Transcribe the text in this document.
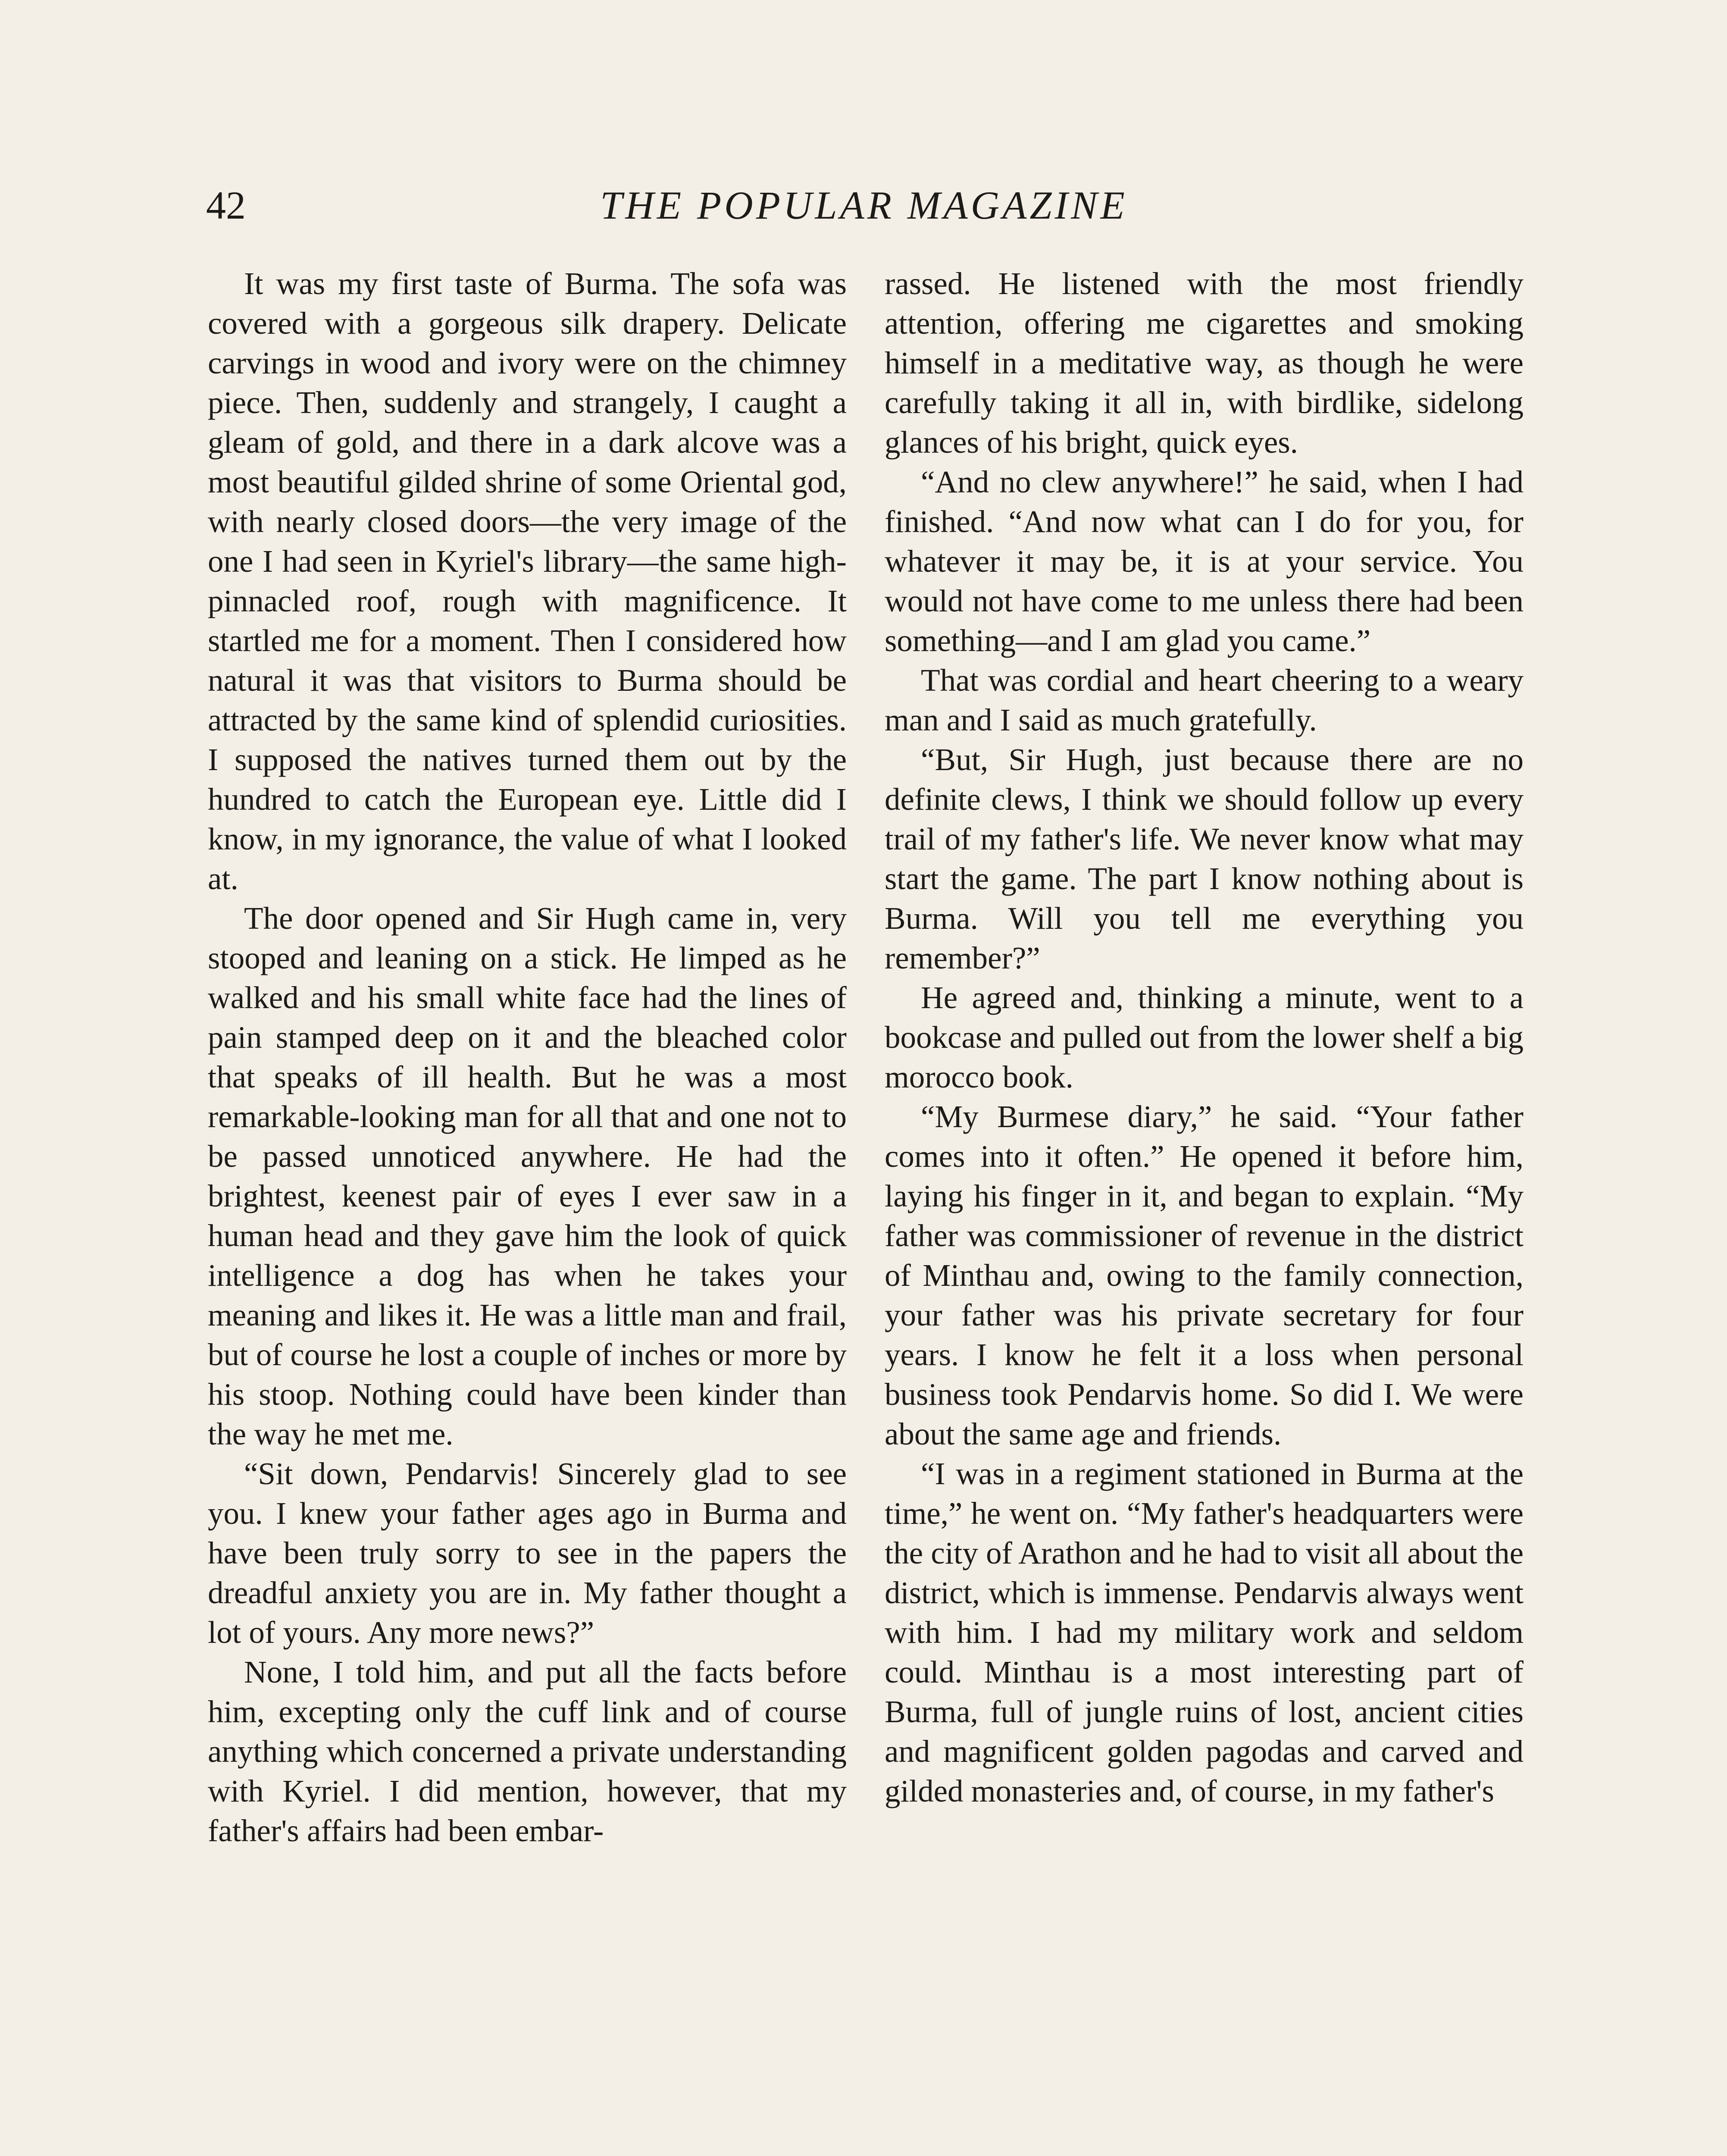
42	THE POPULAR MAGAZINE

It was my first taste of Burma. The sofa was covered with a gorgeous silk drapery. Delicate carvings in wood and ivory were on the chimney piece. Then, suddenly and strangely, I caught a gleam of gold, and there in a dark alcove was a most beautiful gilded shrine of some Oriental god, with nearly closed doors—the very image of the one I had seen in Kyriel's library—the same high-pinnacled roof, rough with magnificence. It startled me for a moment. Then I considered how natural it was that visitors to Burma should be attracted by the same kind of splendid curiosities. I supposed the natives turned them out by the hundred to catch the European eye. Little did I know, in my ignorance, the value of what I looked at.

The door opened and Sir Hugh came in, very stooped and leaning on a stick. He limped as he walked and his small white face had the lines of pain stamped deep on it and the bleached color that speaks of ill health. But he was a most remarkable-looking man for all that and one not to be passed unnoticed anywhere. He had the brightest, keenest pair of eyes I ever saw in a human head and they gave him the look of quick intelligence a dog has when he takes your meaning and likes it. He was a little man and frail, but of course he lost a couple of inches or more by his stoop. Nothing could have been kinder than the way he met me.

“Sit down, Pendarvis! Sincerely glad to see you. I knew your father ages ago in Burma and have been truly sorry to see in the papers the dreadful anxiety you are in. My father thought a lot of yours. Any more news?”

None, I told him, and put all the facts before him, excepting only the cuff link and of course anything which concerned a private understanding with Kyriel. I did mention, however, that my father's affairs had been embar-

rassed. He listened with the most friendly attention, offering me cigarettes and smoking himself in a meditative way, as though he were carefully taking it all in, with birdlike, sidelong glances of his bright, quick eyes.

“And no clew anywhere!” he said, when I had finished. “And now what can I do for you, for whatever it may be, it is at your service. You would not have come to me unless there had been something—and I am glad you came.”

That was cordial and heart cheering to a weary man and I said as much gratefully.

“But, Sir Hugh, just because there are no definite clews, I think we should follow up every trail of my father's life. We never know what may start the game. The part I know nothing about is Burma. Will you tell me everything you remember?”

He agreed and, thinking a minute, went to a bookcase and pulled out from the lower shelf a big morocco book.

“My Burmese diary,” he said. “Your father comes into it often.” He opened it before him, laying his finger in it, and began to explain. “My father was commissioner of revenue in the district of Minthau and, owing to the family connection, your father was his private secretary for four years. I know he felt it a loss when personal business took Pendarvis home. So did I. We were about the same age and friends.

“I was in a regiment stationed in Burma at the time,” he went on. “My father's headquarters were the city of Arathon and he had to visit all about the district, which is immense. Pendarvis always went with him. I had my military work and seldom could. Minthau is a most interesting part of Burma, full of jungle ruins of lost, ancient cities and magnificent golden pagodas and carved and gilded monasteries and, of course, in my father's
